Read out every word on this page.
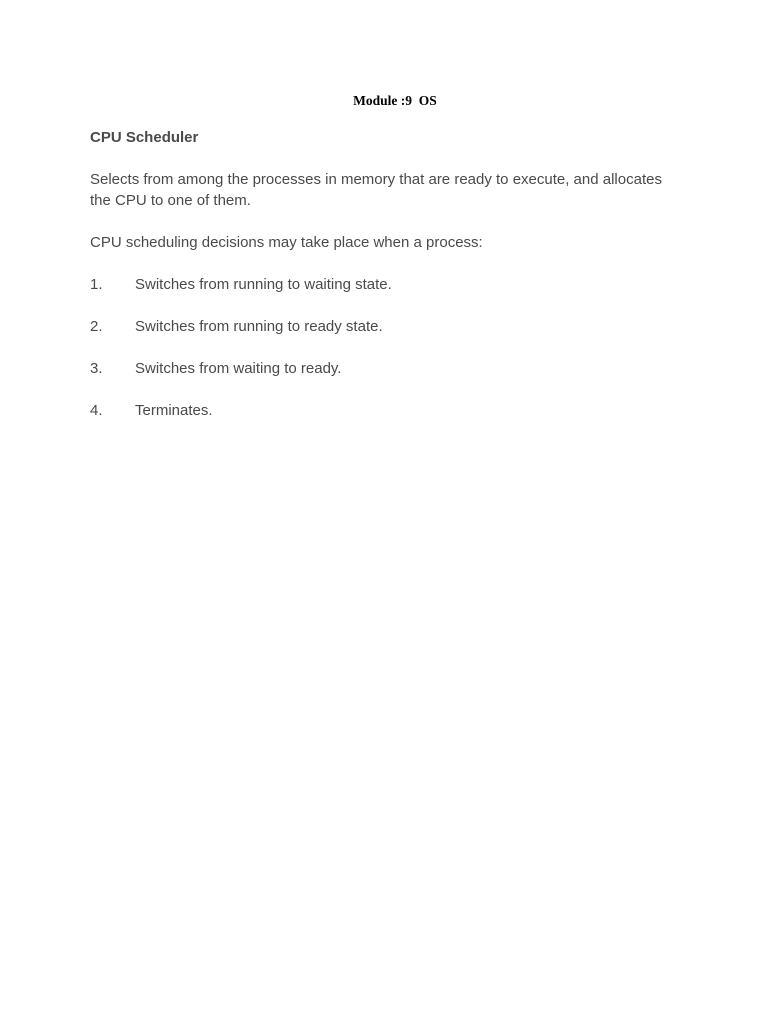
Module :9  OS
CPU Scheduler

Selects from among the processes in memory that are ready to execute, and allocates the CPU to one of them.

CPU scheduling decisions may take place when a process:

1.	Switches from running to waiting state.
2.	Switches from running to ready state.
3.	Switches from waiting to ready.
4.	Terminates.
